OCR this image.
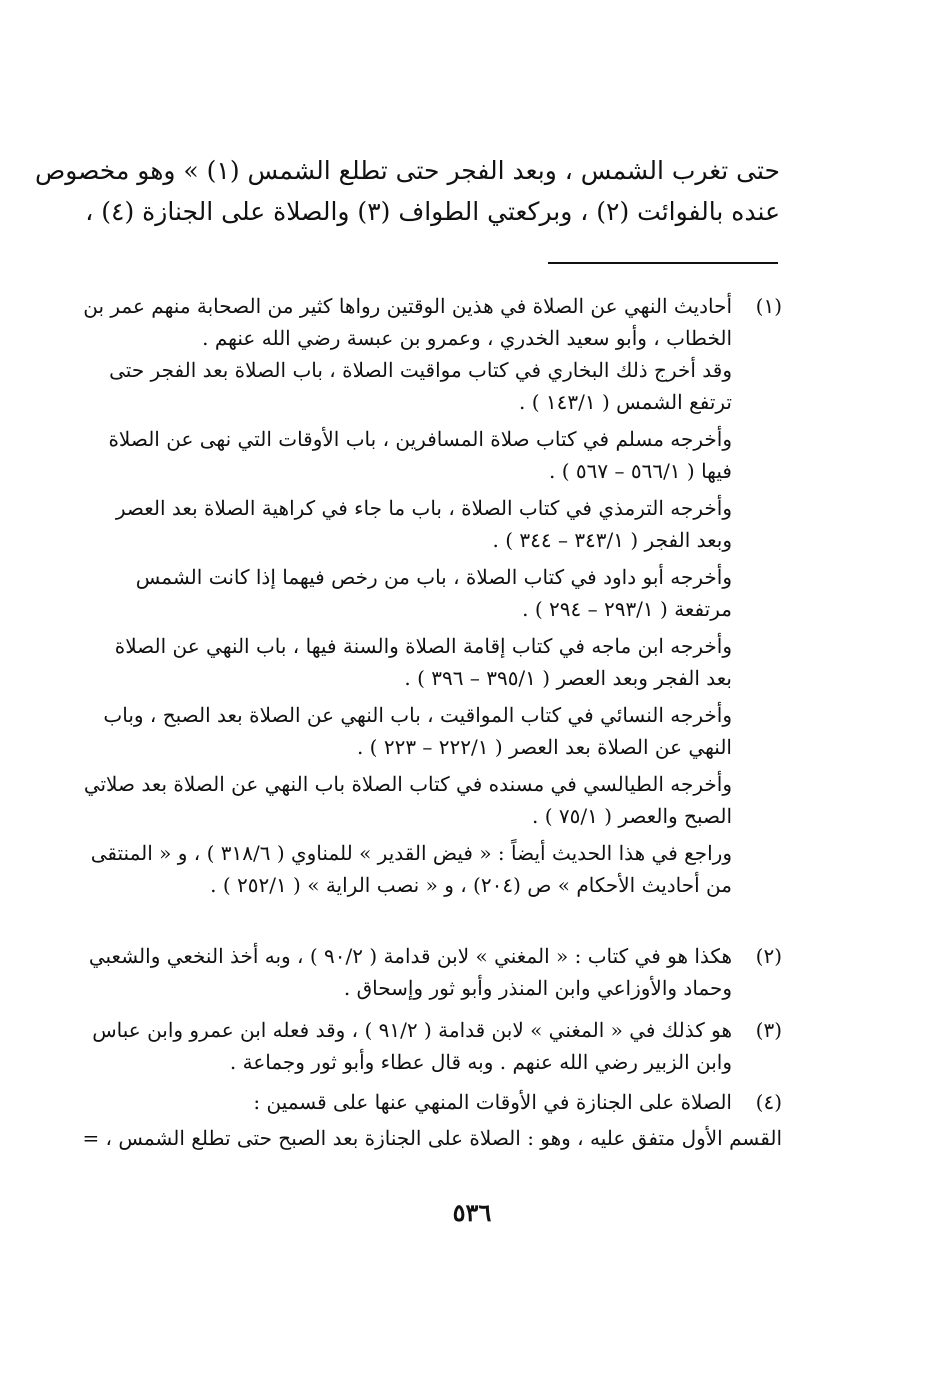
حتى تغرب الشمس ، وبعد الفجر حتى تطلع الشمس (١) » وهو مخصوص
عنده بالفوائت (٢) ، وبركعتي الطواف (٣) والصلاة على الجنازة (٤) ،
(١)
أحاديث النهي عن الصلاة في هذين الوقتين رواها كثير من الصحابة منهم عمر بن
الخطاب ، وأبو سعيد الخدري ، وعمرو بن عبسة رضي الله عنهم .
وقد أخرج ذلك البخاري في كتاب مواقيت الصلاة ، باب الصلاة بعد الفجر حتى
ترتفع الشمس ( ١٤٣/١ ) .
وأخرجه مسلم في كتاب صلاة المسافرين ، باب الأوقات التي نهى عن الصلاة
فيها ( ٥٦٦/١ – ٥٦٧ ) .
وأخرجه الترمذي في كتاب الصلاة ، باب ما جاء في كراهية الصلاة بعد العصر
وبعد الفجر ( ٣٤٣/١ – ٣٤٤ ) .
وأخرجه أبو داود في كتاب الصلاة ، باب من رخص فيهما إذا كانت الشمس
مرتفعة ( ٢٩٣/١ – ٢٩٤ ) .
وأخرجه ابن ماجه في كتاب إقامة الصلاة والسنة فيها ، باب النهي عن الصلاة
بعد الفجر وبعد العصر ( ٣٩٥/١ – ٣٩٦ ) .
وأخرجه النسائي في كتاب المواقيت ، باب النهي عن الصلاة بعد الصبح ، وباب
النهي عن الصلاة بعد العصر ( ٢٢٢/١ – ٢٢٣ ) .
وأخرجه الطيالسي في مسنده في كتاب الصلاة باب النهي عن الصلاة بعد صلاتي
الصبح والعصر ( ٧٥/١ ) .
وراجع في هذا الحديث أيضاً : « فيض القدير » للمناوي ( ٣١٨/٦ ) ، و « المنتقى
من أحاديث الأحكام » ص (٢٠٤) ، و « نصب الراية » ( ٢٥٢/١ ) .
(٢)
هكذا هو في كتاب : « المغني » لابن قدامة ( ٩٠/٢ ) ، وبه أخذ النخعي والشعبي
وحماد والأوزاعي وابن المنذر وأبو ثور وإسحاق .
(٣)
هو كذلك في « المغني » لابن قدامة ( ٩١/٢ ) ، وقد فعله ابن عمرو وابن عباس
وابن الزبير رضي الله عنهم . وبه قال عطاء وأبو ثور وجماعة .
(٤)
الصلاة على الجنازة في الأوقات المنهي عنها على قسمين :
القسم الأول متفق عليه ، وهو : الصلاة على الجنازة بعد الصبح حتى تطلع الشمس ، =
٥٣٦
